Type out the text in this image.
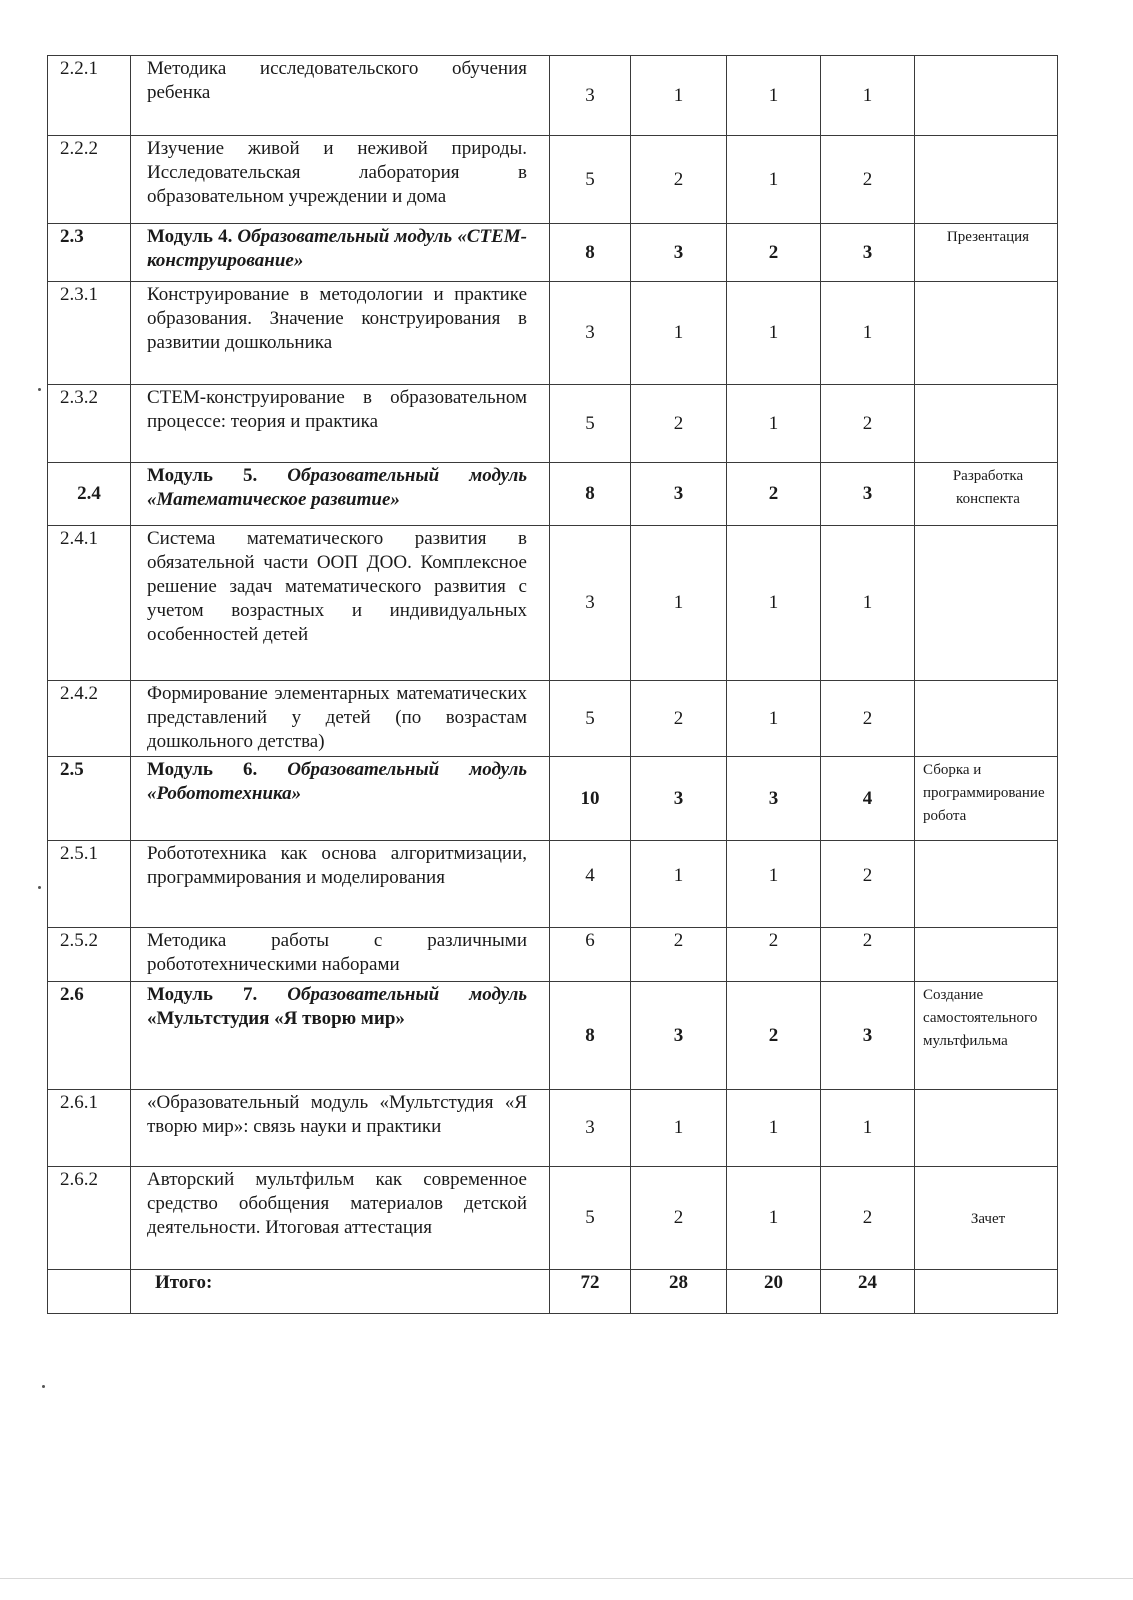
2.2.1	Методика исследовательского обучения ребенка	3	1	1	1	
2.2.2	Изучение живой и неживой природы. Исследовательская лаборатория в образовательном учреждении и дома	5	2	1	2	
2.3	Модуль 4. Образовательный модуль «СТЕМ-конструирование»	8	3	2	3	Презентация
2.3.1	Конструирование в методологии и практике образования. Значение конструирования в развитии дошкольника	3	1	1	1	
2.3.2	СТЕМ-конструирование в образовательном процессе: теория и практика	5	2	1	2	
2.4	Модуль 5. Образовательный модуль «Математическое развитие»	8	3	2	3	Разработка конспекта
2.4.1	Система математического развития в обязательной части ООП ДОО. Комплексное решение задач математического развития с учетом возрастных и индивидуальных особенностей детей	3	1	1	1	
2.4.2	Формирование элементарных математических представлений у детей (по возрастам дошкольного детства)	5	2	1	2	
2.5	Модуль 6. Образовательный модуль «Робототехника»	10	3	3	4	Сборка и программирование робота
2.5.1	Робототехника как основа алгоритмизации, программирования и моделирования	4	1	1	2	
2.5.2	Методика работы с различными робототехническими наборами	6	2	2	2	
2.6	Модуль 7. Образовательный модуль «Мультстудия «Я творю мир»	8	3	2	3	Создание самостоятельного мультфильма
2.6.1	«Образовательный модуль «Мультстудия «Я творю мир»: связь науки и практики	3	1	1	1	
2.6.2	Авторский мультфильм как современное средство обобщения материалов детской деятельности. Итоговая аттестация	5	2	1	2	Зачет
	Итого:	72	28	20	24	
